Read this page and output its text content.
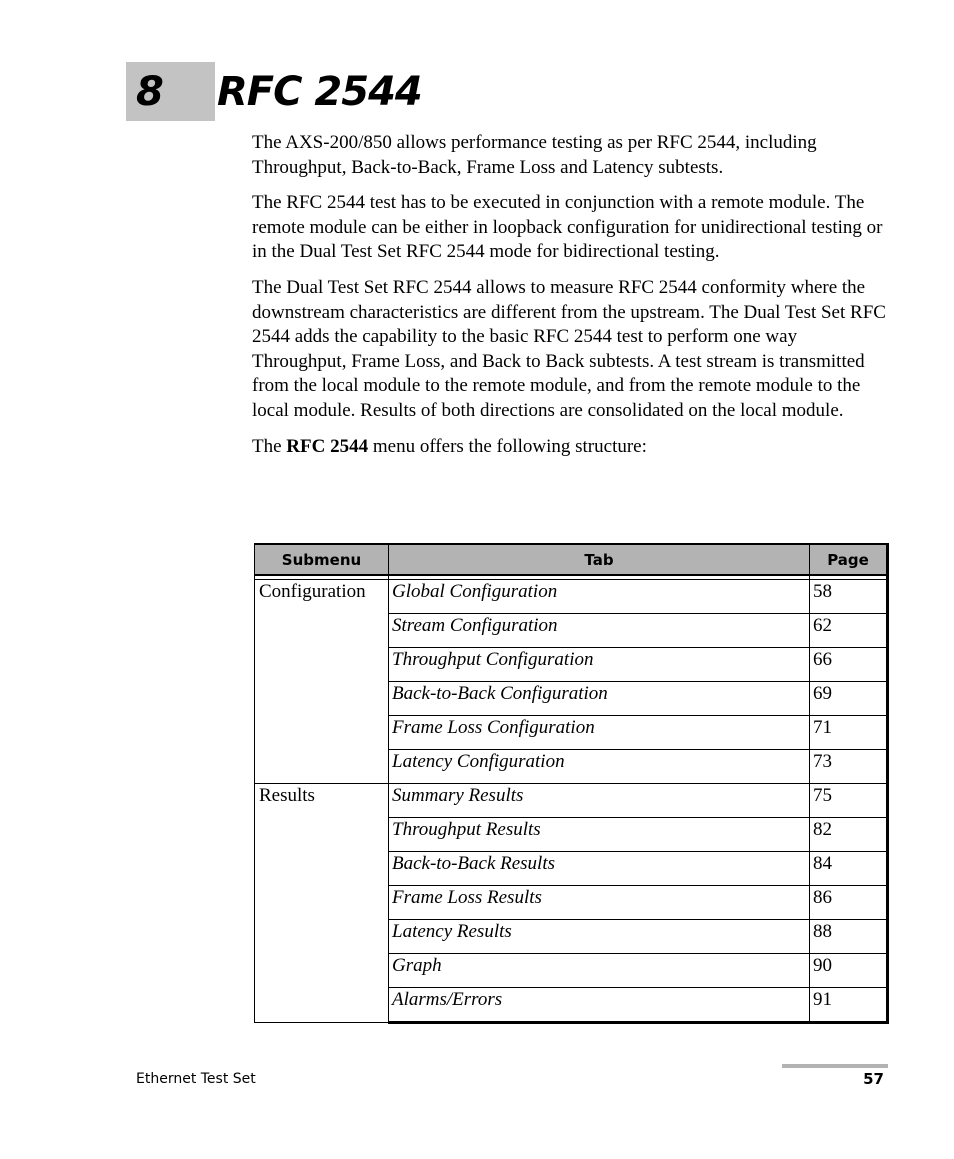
8 RFC 2544

The AXS-200/850 allows performance testing as per RFC 2544, including Throughput, Back-to-Back, Frame Loss and Latency subtests.

The RFC 2544 test has to be executed in conjunction with a remote module. The remote module can be either in loopback configuration for unidirectional testing or in the Dual Test Set RFC 2544 mode for bidirectional testing.

The Dual Test Set RFC 2544 allows to measure RFC 2544 conformity where the downstream characteristics are different from the upstream. The Dual Test Set RFC 2544 adds the capability to the basic RFC 2544 test to perform one way Throughput, Frame Loss, and Back to Back subtests. A test stream is transmitted from the local module to the remote module, and from the remote module to the local module. Results of both directions are consolidated on the local module.

The RFC 2544 menu offers the following structure:

Submenu	Tab	Page

Configuration	Global Configuration	58
	Stream Configuration	62
	Throughput Configuration	66
	Back-to-Back Configuration	69
	Frame Loss Configuration	71
	Latency Configuration	73
Results	Summary Results	75
	Throughput Results	82
	Back-to-Back Results	84
	Frame Loss Results	86
	Latency Results	88
	Graph	90
	Alarms/Errors	91
Ethernet Test Set	57
